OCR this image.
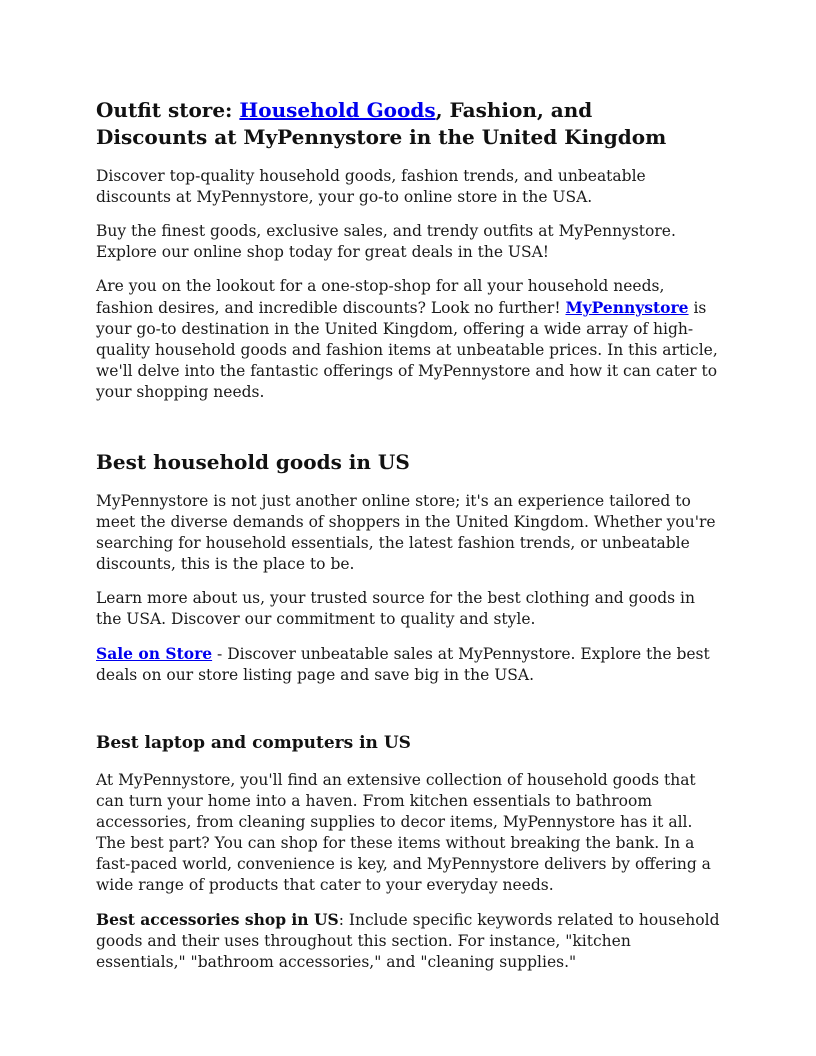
Outfit store: Household Goods, Fashion, and Discounts at MyPennystore in the United Kingdom

Discover top-quality household goods, fashion trends, and unbeatable discounts at MyPennystore, your go-to online store in the USA.

Buy the finest goods, exclusive sales, and trendy outfits at MyPennystore. Explore our online shop today for great deals in the USA!

Are you on the lookout for a one-stop-shop for all your household needs, fashion desires, and incredible discounts? Look no further! MyPennystore is your go-to destination in the United Kingdom, offering a wide array of high-quality household goods and fashion items at unbeatable prices. In this article, we'll delve into the fantastic offerings of MyPennystore and how it can cater to your shopping needs.

Best household goods in US

MyPennystore is not just another online store; it's an experience tailored to meet the diverse demands of shoppers in the United Kingdom. Whether you're searching for household essentials, the latest fashion trends, or unbeatable discounts, this is the place to be.

Learn more about us, your trusted source for the best clothing and goods in the USA. Discover our commitment to quality and style.

Sale on Store - Discover unbeatable sales at MyPennystore. Explore the best deals on our store listing page and save big in the USA.

Best laptop and computers in US

At MyPennystore, you'll find an extensive collection of household goods that can turn your home into a haven. From kitchen essentials to bathroom accessories, from cleaning supplies to decor items, MyPennystore has it all. The best part? You can shop for these items without breaking the bank. In a fast-paced world, convenience is key, and MyPennystore delivers by offering a wide range of products that cater to your everyday needs.

Best accessories shop in US: Include specific keywords related to household goods and their uses throughout this section. For instance, "kitchen essentials," "bathroom accessories," and "cleaning supplies."
